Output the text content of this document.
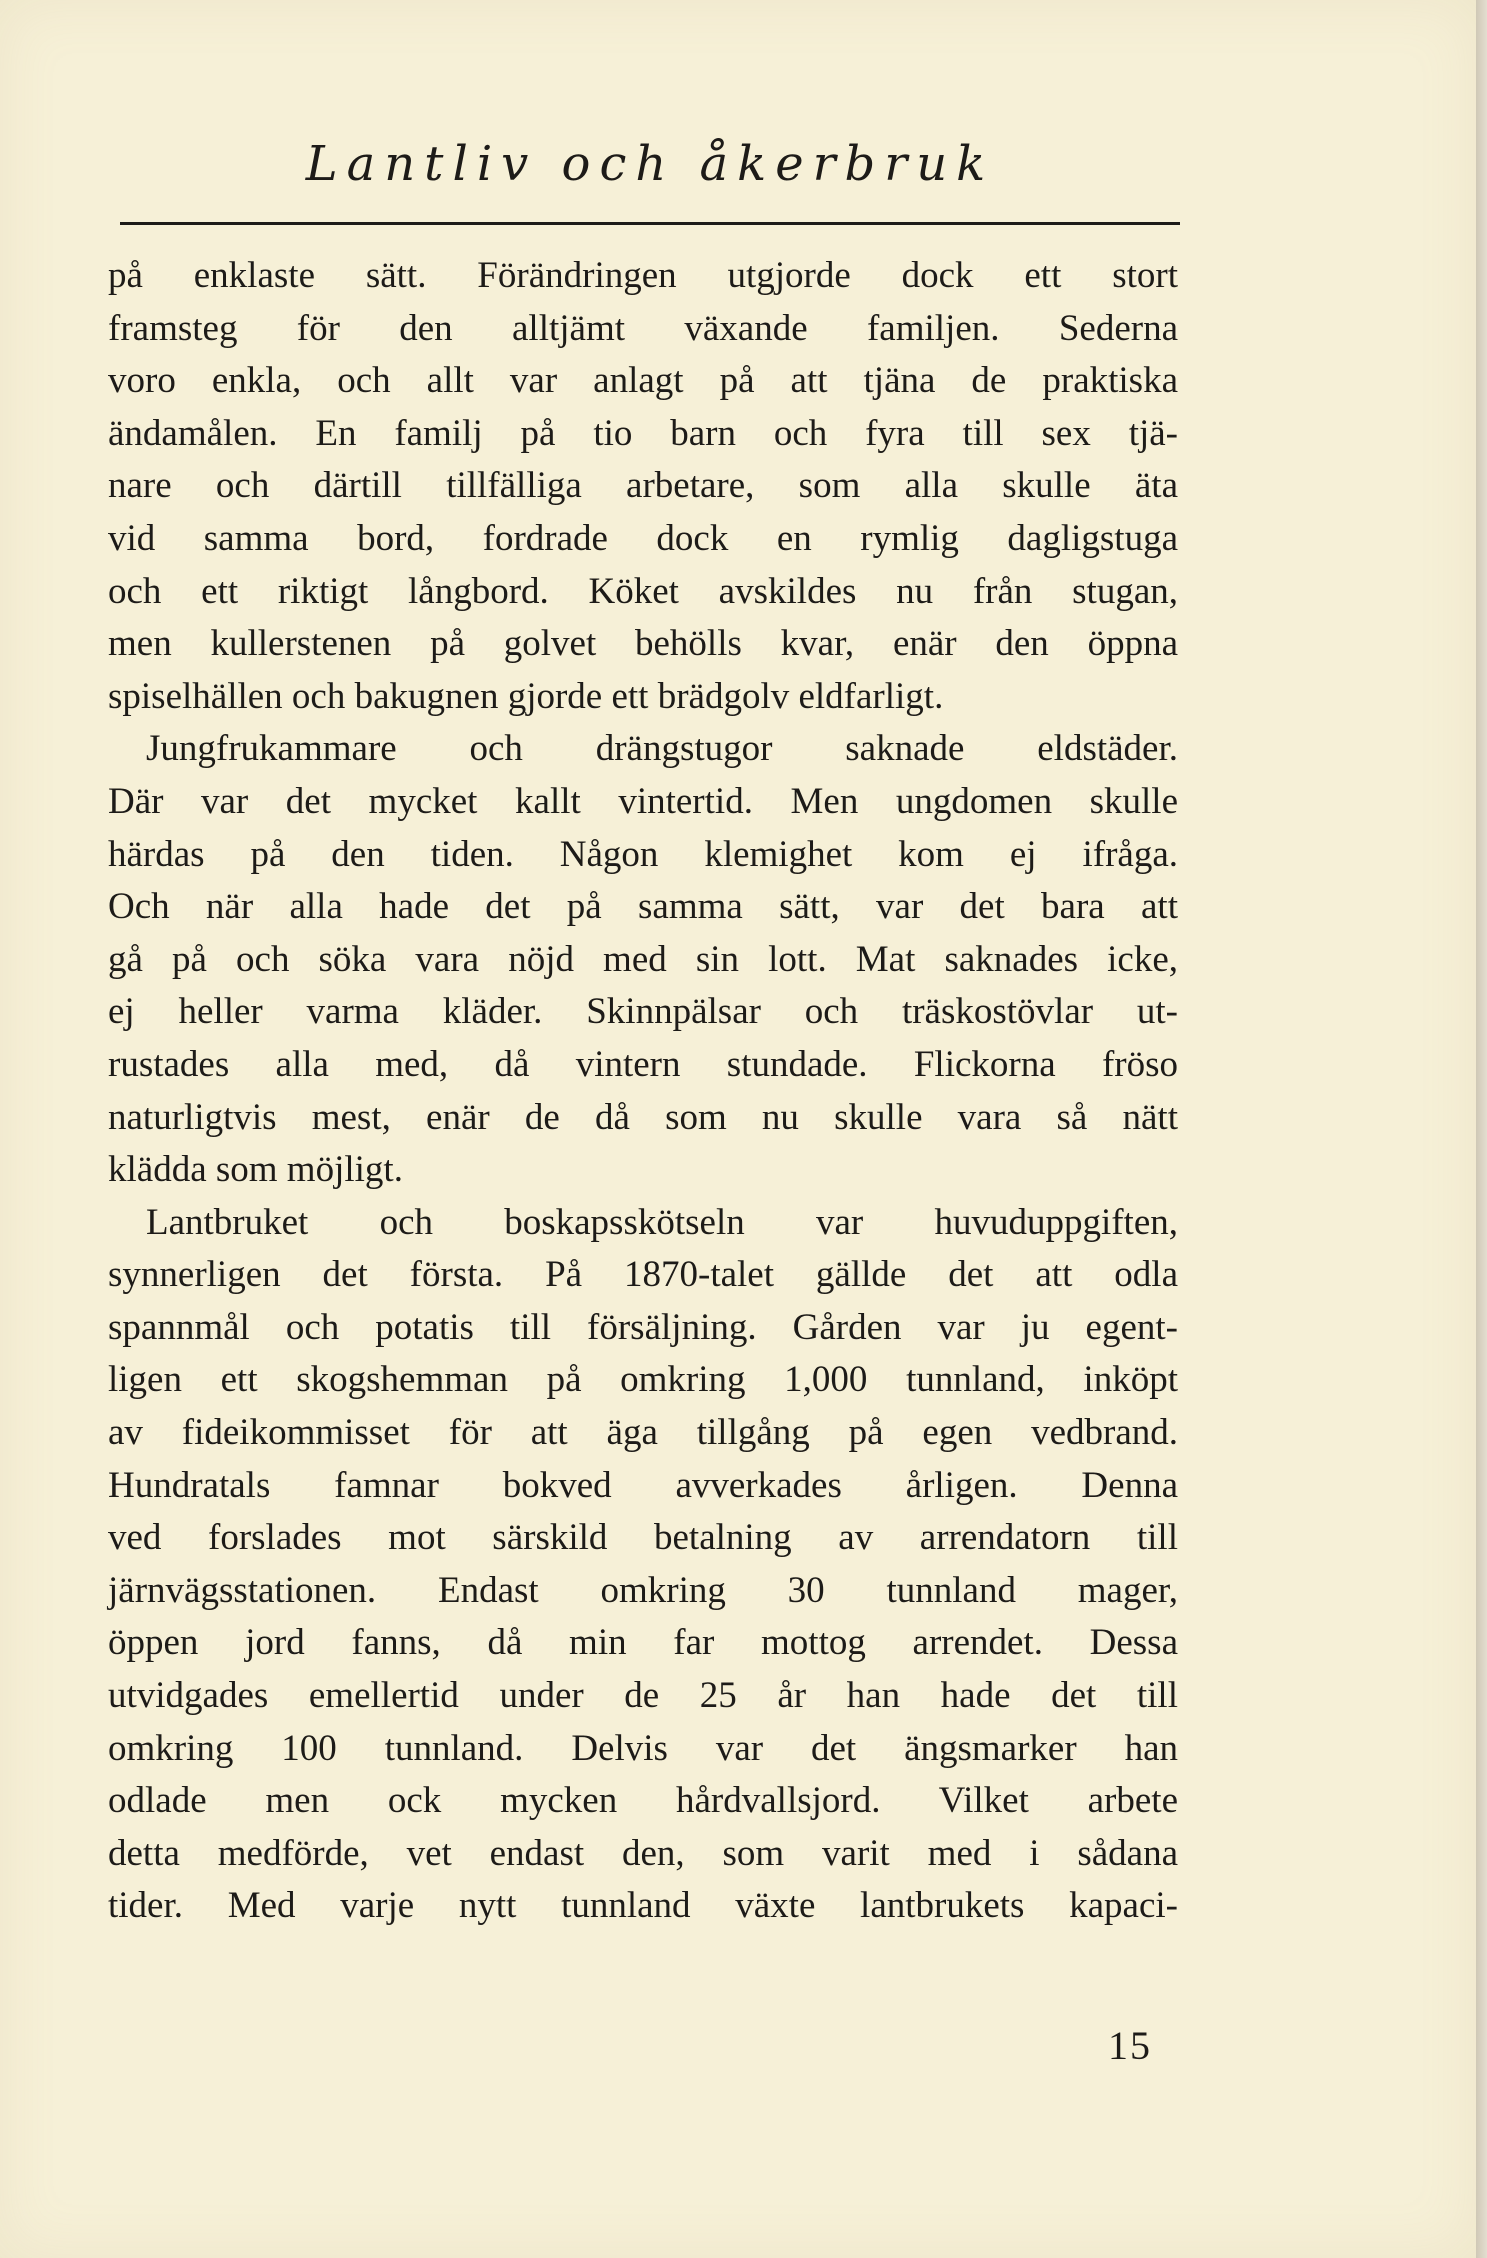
Lantliv och åkerbruk
på enklaste sätt. Förändringen utgjorde dock ett stort
framsteg för den alltjämt växande familjen. Sederna
voro enkla, och allt var anlagt på att tjäna de praktiska
ändamålen. En familj på tio barn och fyra till sex tjä-
nare och därtill tillfälliga arbetare, som alla skulle äta
vid samma bord, fordrade dock en rymlig dagligstuga
och ett riktigt långbord. Köket avskildes nu från stugan,
men kullerstenen på golvet behölls kvar, enär den öppna
spiselhällen och bakugnen gjorde ett brädgolv eldfarligt.
Jungfrukammare och drängstugor saknade eldstäder.
Där var det mycket kallt vintertid. Men ungdomen skulle
härdas på den tiden. Någon klemighet kom ej ifråga.
Och när alla hade det på samma sätt, var det bara att
gå på och söka vara nöjd med sin lott. Mat saknades icke,
ej heller varma kläder. Skinnpälsar och träskostövlar ut-
rustades alla med, då vintern stundade. Flickorna fröso
naturligtvis mest, enär de då som nu skulle vara så nätt
klädda som möjligt.
Lantbruket och boskapsskötseln var huvuduppgiften,
synnerligen det första. På 1870-talet gällde det att odla
spannmål och potatis till försäljning. Gården var ju egent-
ligen ett skogshemman på omkring 1,000 tunnland, inköpt
av fideikommisset för att äga tillgång på egen vedbrand.
Hundratals famnar bokved avverkades årligen. Denna
ved forslades mot särskild betalning av arrendatorn till
järnvägsstationen. Endast omkring 30 tunnland mager,
öppen jord fanns, då min far mottog arrendet. Dessa
utvidgades emellertid under de 25 år han hade det till
omkring 100 tunnland. Delvis var det ängsmarker han
odlade men ock mycken hårdvallsjord. Vilket arbete
detta medförde, vet endast den, som varit med i sådana
tider. Med varje nytt tunnland växte lantbrukets kapaci-
15
